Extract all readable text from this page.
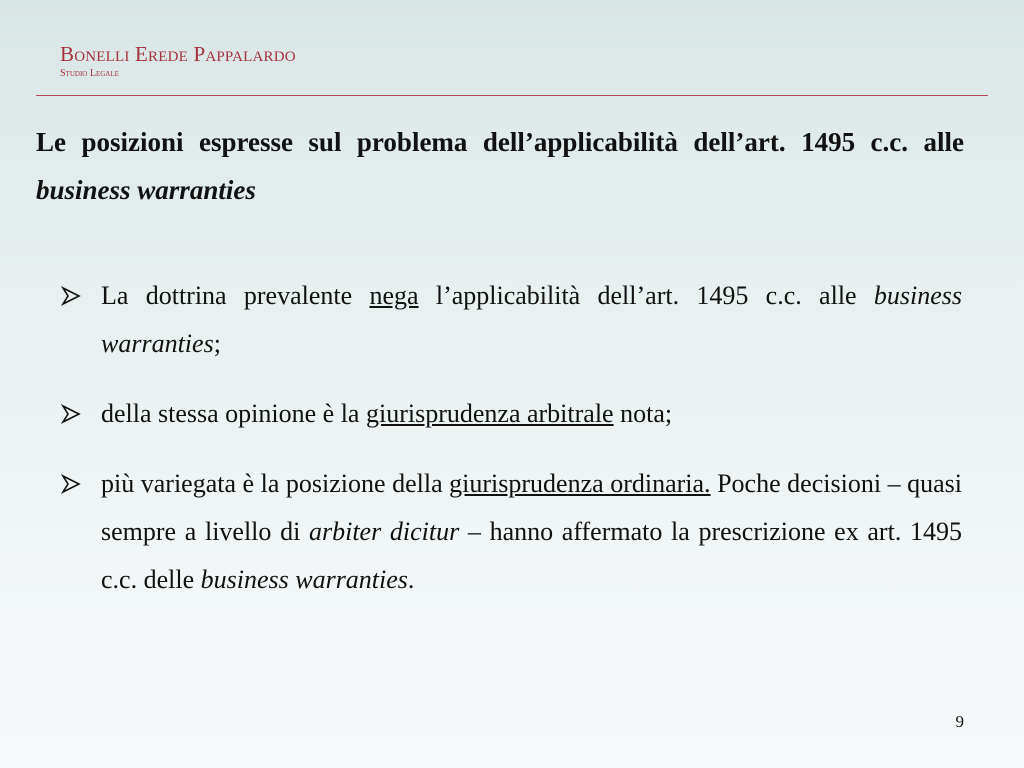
Bonelli Erede Pappalardo
Studio Legale
Le posizioni espresse sul problema dell’applicabilità dell’art. 1495 c.c. alle business warranties
La dottrina prevalente nega l’applicabilità dell’art. 1495 c.c. alle business warranties;
della stessa opinione è la giurisprudenza arbitrale nota;
più variegata è la posizione della giurisprudenza ordinaria. Poche decisioni – quasi sempre a livello di arbiter dicitur – hanno affermato la prescrizione ex art. 1495 c.c. delle business warranties.
9
